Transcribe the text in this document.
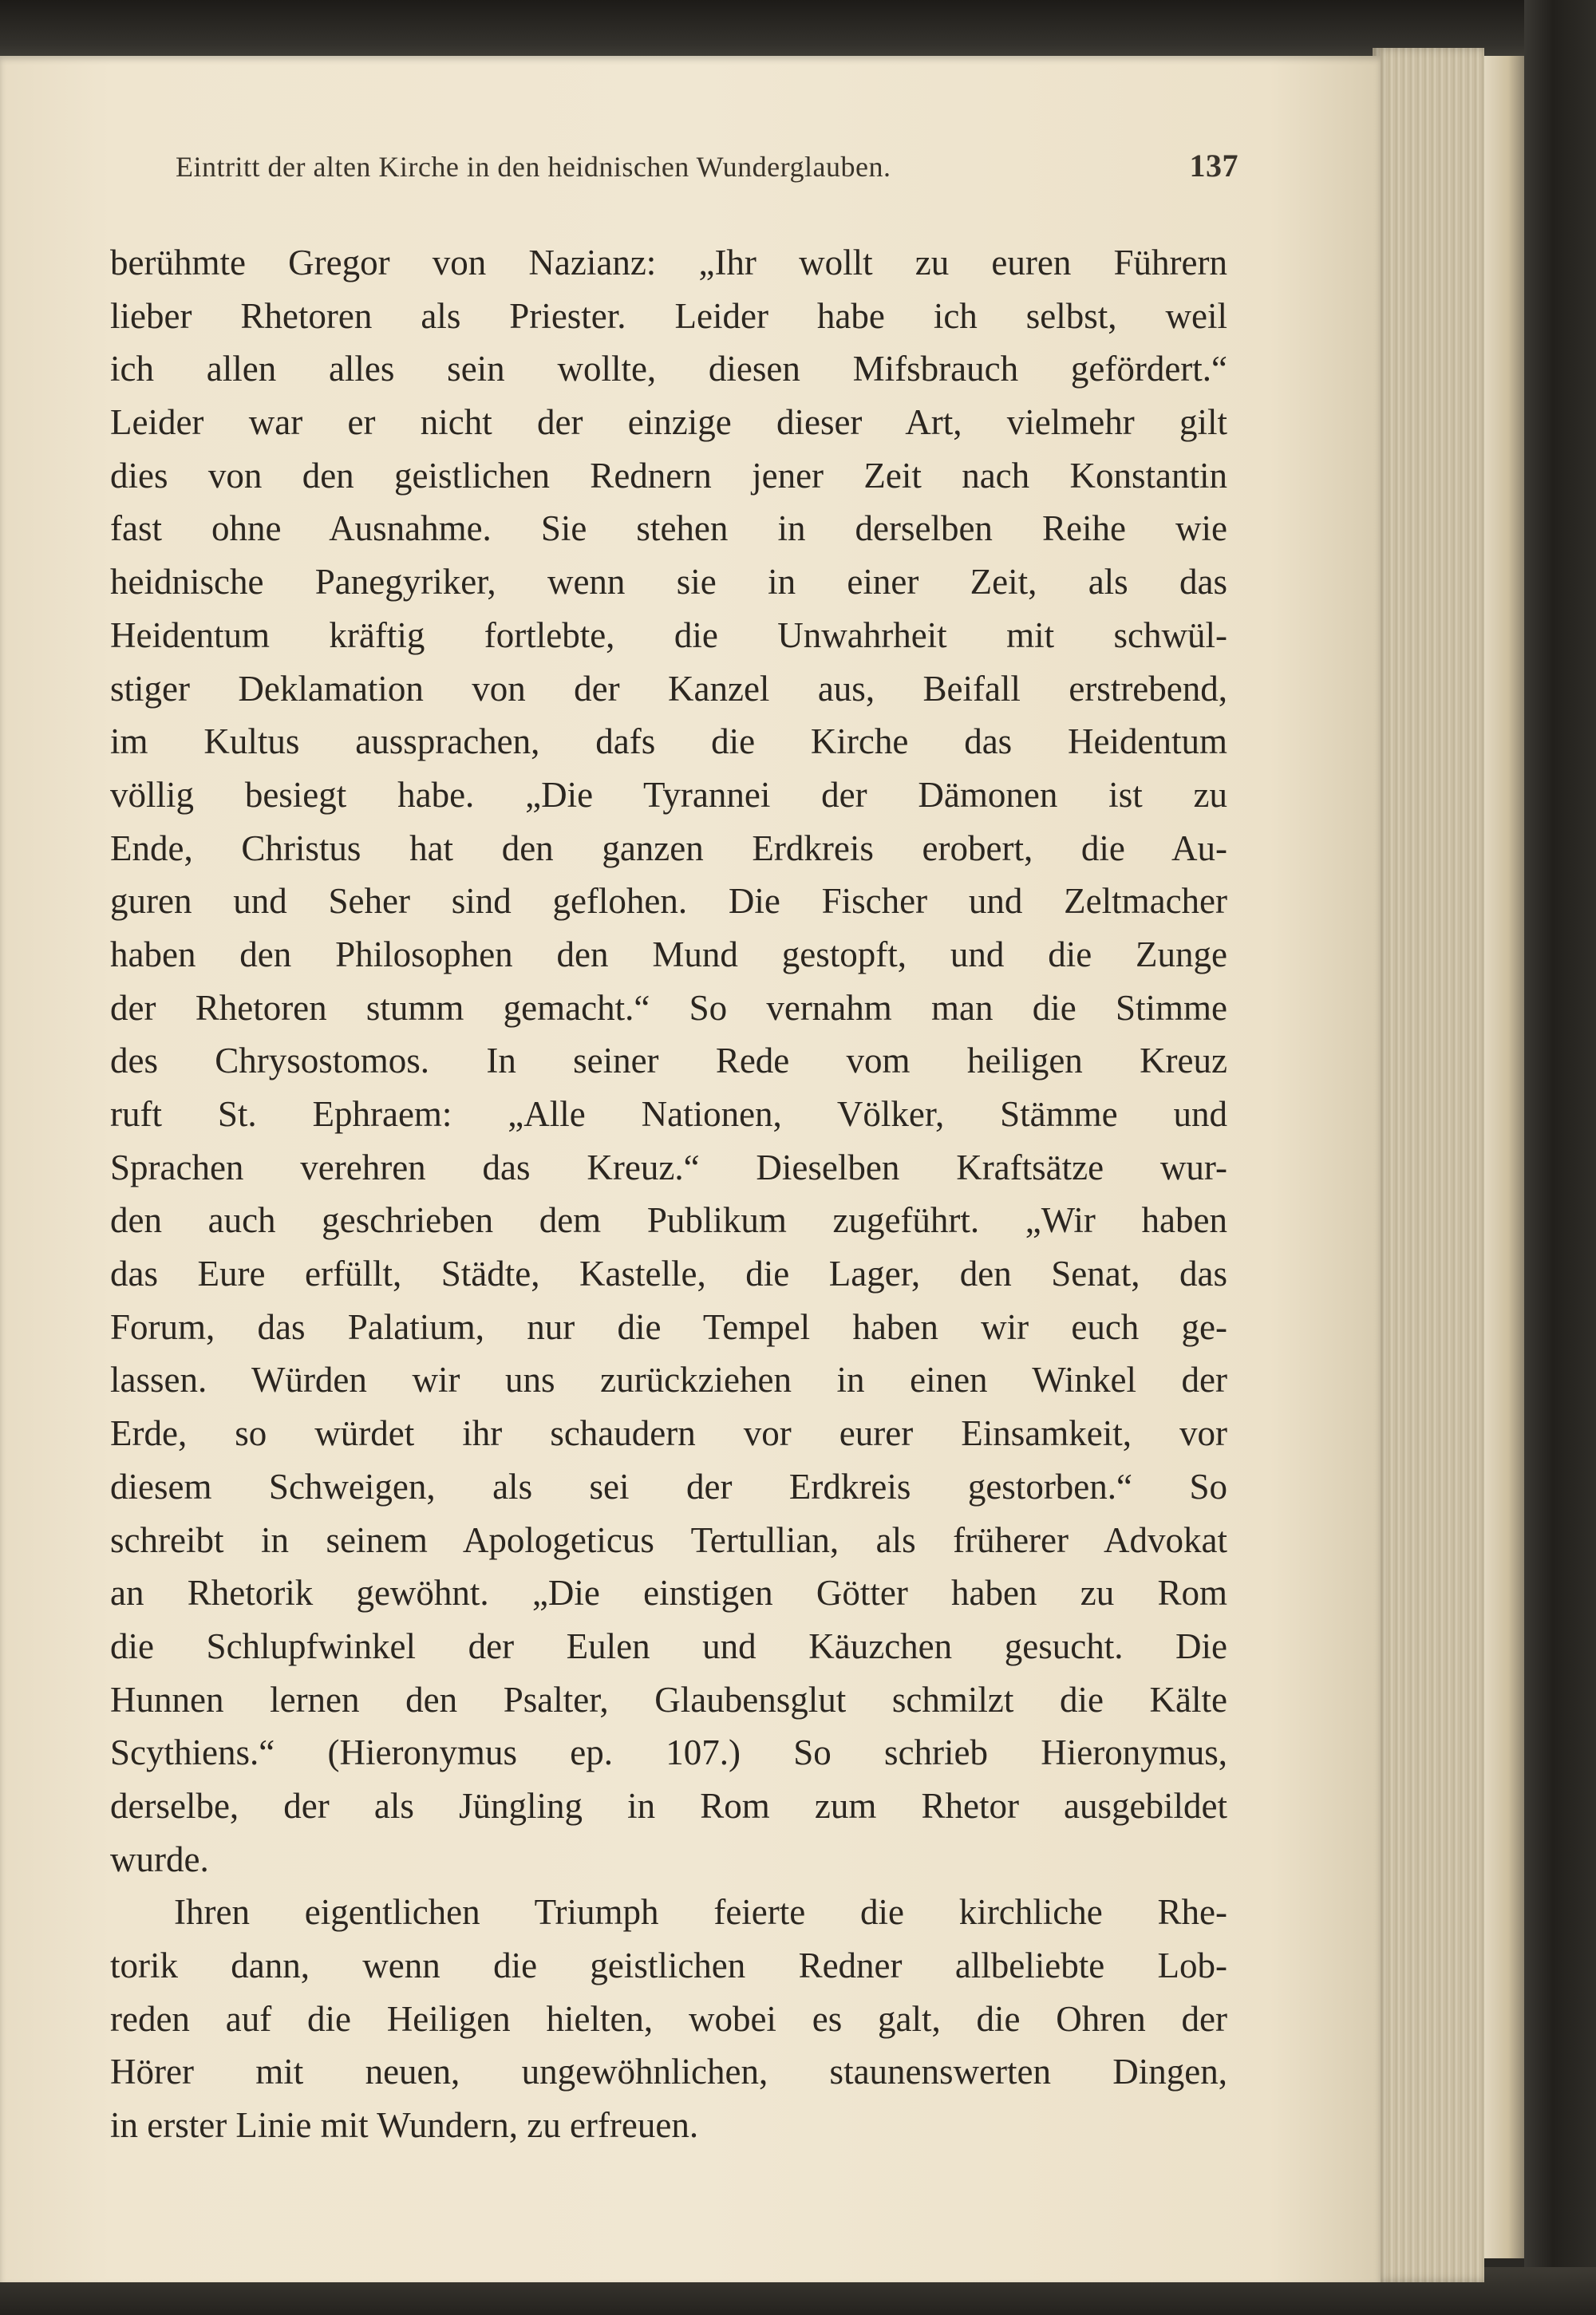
Eintritt der alten Kirche in den heidnischen Wunderglauben.	137
berühmte Gregor von Nazianz: „Ihr wollt zu euren Führern
lieber Rhetoren als Priester. Leider habe ich selbst, weil
ich allen alles sein wollte, diesen Mifsbrauch gefördert.“
Leider war er nicht der einzige dieser Art, vielmehr gilt
dies von den geistlichen Rednern jener Zeit nach Konstantin
fast ohne Ausnahme. Sie stehen in derselben Reihe wie
heidnische Panegyriker, wenn sie in einer Zeit, als das
Heidentum kräftig fortlebte, die Unwahrheit mit schwül-
stiger Deklamation von der Kanzel aus, Beifall erstrebend,
im Kultus aussprachen, dafs die Kirche das Heidentum
völlig besiegt habe. „Die Tyrannei der Dämonen ist zu
Ende, Christus hat den ganzen Erdkreis erobert, die Au-
guren und Seher sind geflohen. Die Fischer und Zeltmacher
haben den Philosophen den Mund gestopft, und die Zunge
der Rhetoren stumm gemacht.“ So vernahm man die Stimme
des Chrysostomos. In seiner Rede vom heiligen Kreuz
ruft St. Ephraem: „Alle Nationen, Völker, Stämme und
Sprachen verehren das Kreuz.“ Dieselben Kraftsätze wur-
den auch geschrieben dem Publikum zugeführt. „Wir haben
das Eure erfüllt, Städte, Kastelle, die Lager, den Senat, das
Forum, das Palatium, nur die Tempel haben wir euch ge-
lassen. Würden wir uns zurückziehen in einen Winkel der
Erde, so würdet ihr schaudern vor eurer Einsamkeit, vor
diesem Schweigen, als sei der Erdkreis gestorben.“ So
schreibt in seinem Apologeticus Tertullian, als früherer Advokat
an Rhetorik gewöhnt. „Die einstigen Götter haben zu Rom
die Schlupfwinkel der Eulen und Käuzchen gesucht. Die
Hunnen lernen den Psalter, Glaubensglut schmilzt die Kälte
Scythiens.“ (Hieronymus ep. 107.) So schrieb Hieronymus,
derselbe, der als Jüngling in Rom zum Rhetor ausgebildet
wurde.
Ihren eigentlichen Triumph feierte die kirchliche Rhe-
torik dann, wenn die geistlichen Redner allbeliebte Lob-
reden auf die Heiligen hielten, wobei es galt, die Ohren der
Hörer mit neuen, ungewöhnlichen, staunenswerten Dingen,
in erster Linie mit Wundern, zu erfreuen.
